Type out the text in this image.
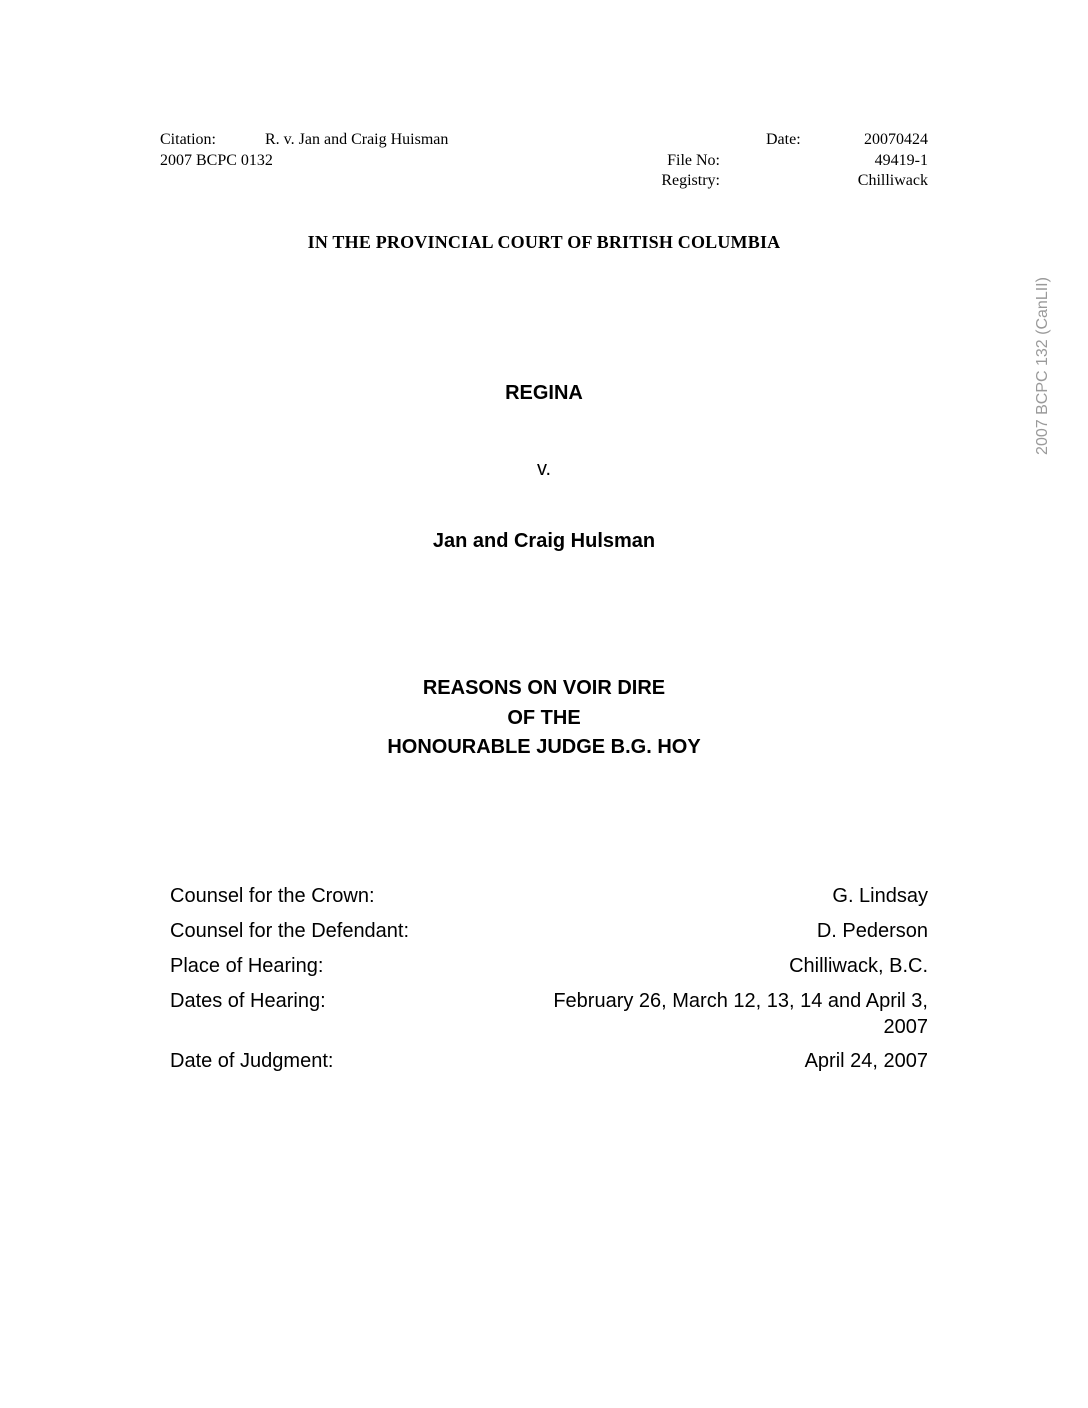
Citation:	R. v. Jan and Craig Huisman
2007 BCPC 0132
Date:	20070424
File No:	49419-1
Registry:	Chilliwack
IN THE PROVINCIAL COURT OF BRITISH COLUMBIA
REGINA
v.
Jan and Craig Hulsman
REASONS ON VOIR DIRE
OF THE
HONOURABLE JUDGE B.G. HOY
Counsel for the Crown:	G. Lindsay
Counsel for the Defendant:	D. Pederson
Place of Hearing:	Chilliwack, B.C.
Dates of Hearing:	February 26, March 12, 13, 14 and April 3, 2007
Date of Judgment:	April 24, 2007
2007 BCPC 132 (CanLII)
